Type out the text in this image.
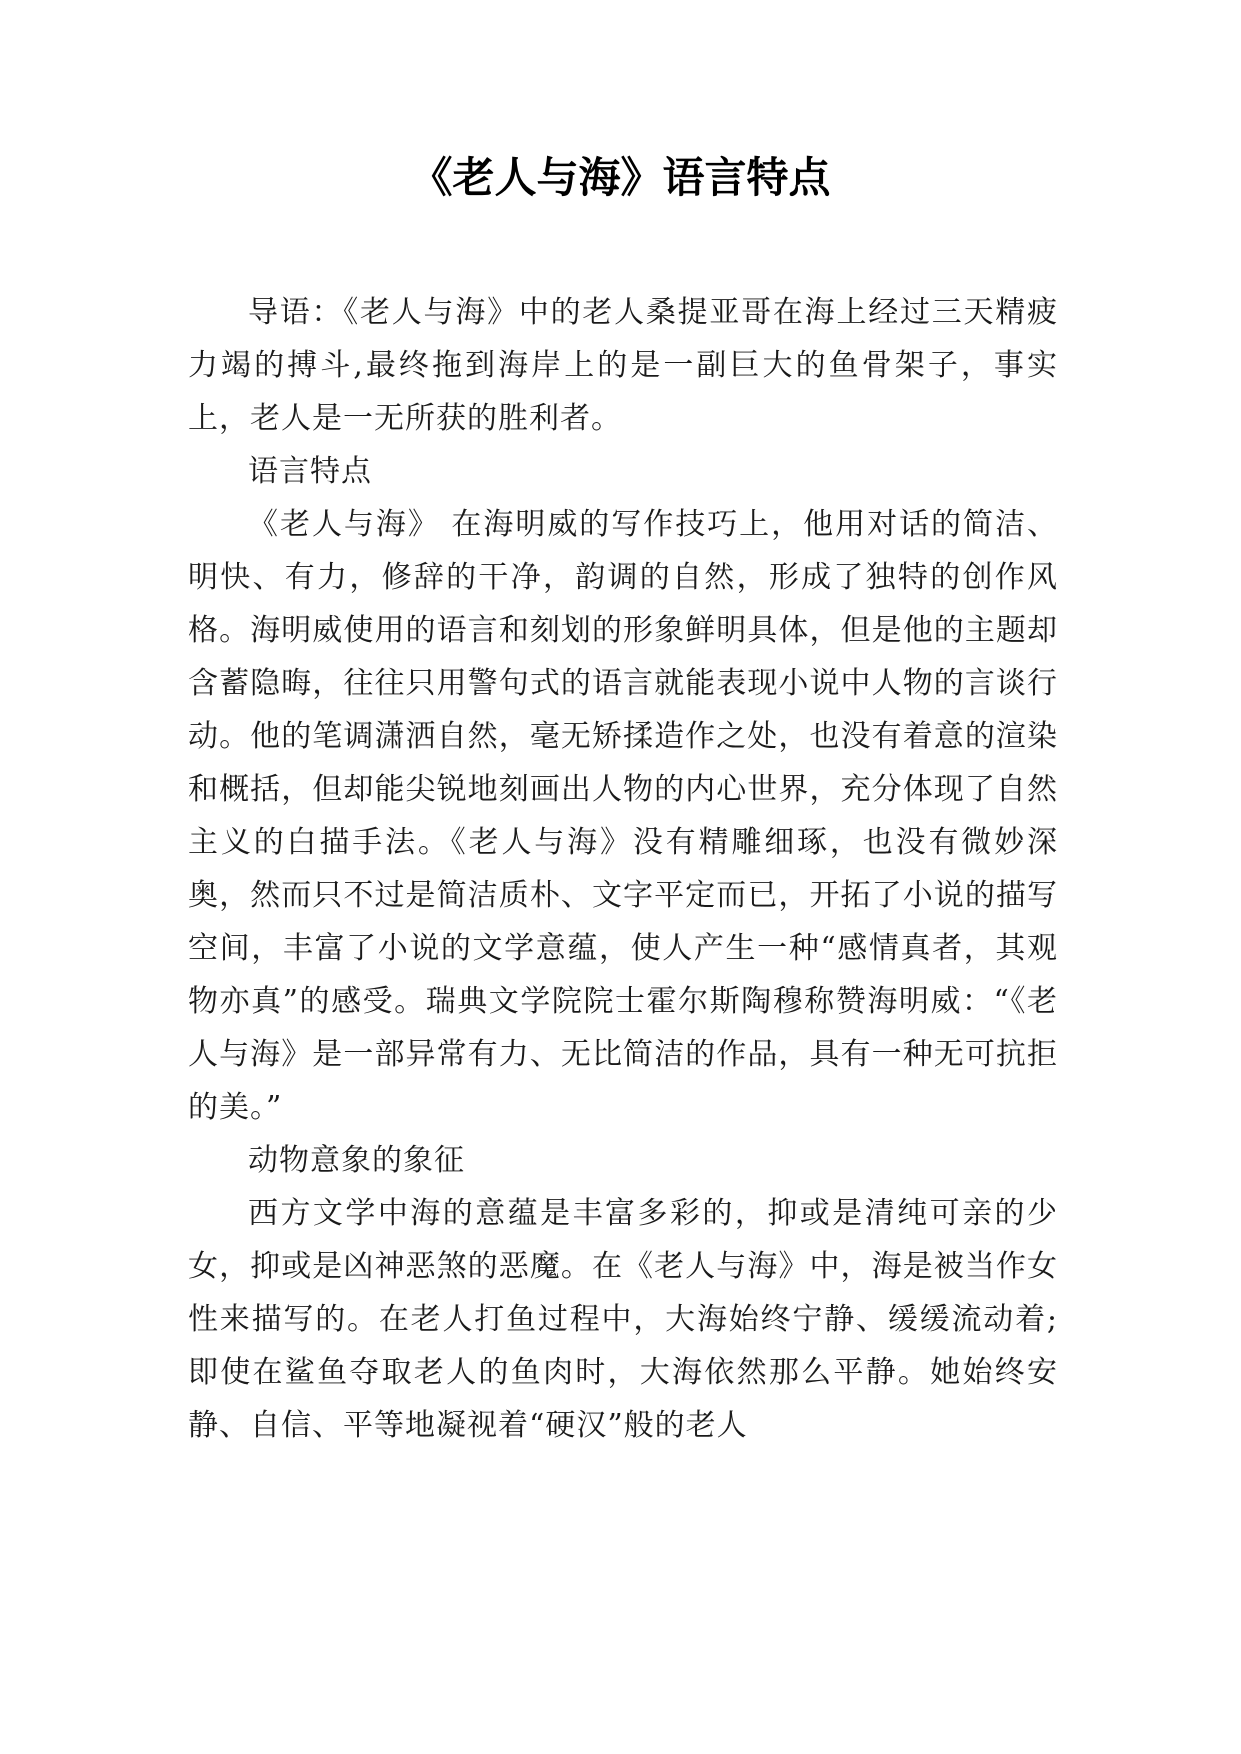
《老人与海》语言特点

导语：《老人与海》中的老人桑提亚哥在海上经过三天精疲力竭的搏斗,最终拖到海岸上的是一副巨大的鱼骨架子，事实上，老人是一无所获的胜利者。

语言特点

《老人与海》 在海明威的写作技巧上，他用对话的简洁、明快、有力，修辞的干净，韵调的自然，形成了独特的创作风格。海明威使用的语言和刻划的形象鲜明具体，但是他的主题却含蓄隐晦，往往只用警句式的语言就能表现小说中人物的言谈行动。他的笔调潇洒自然，毫无矫揉造作之处，也没有着意的渲染和概括，但却能尖锐地刻画出人物的内心世界，充分体现了自然主义的白描手法。《老人与海》没有精雕细琢，也没有微妙深奥，然而只不过是简洁质朴、文字平定而已，开拓了小说的描写空间，丰富了小说的文学意蕴，使人产生一种“感情真者，其观物亦真”的感受。瑞典文学院院士霍尔斯陶穆称赞海明威：“《老人与海》是一部异常有力、无比简洁的作品，具有一种无可抗拒的美。”

动物意象的象征

西方文学中海的意蕴是丰富多彩的，抑或是清纯可亲的少女，抑或是凶神恶煞的恶魔。在《老人与海》中，海是被当作女性来描写的。在老人打鱼过程中，大海始终宁静、缓缓流动着;即使在鲨鱼夺取老人的鱼肉时，大海依然那么平静。她始终安静、自信、平等地凝视着“硬汉”般的老人
